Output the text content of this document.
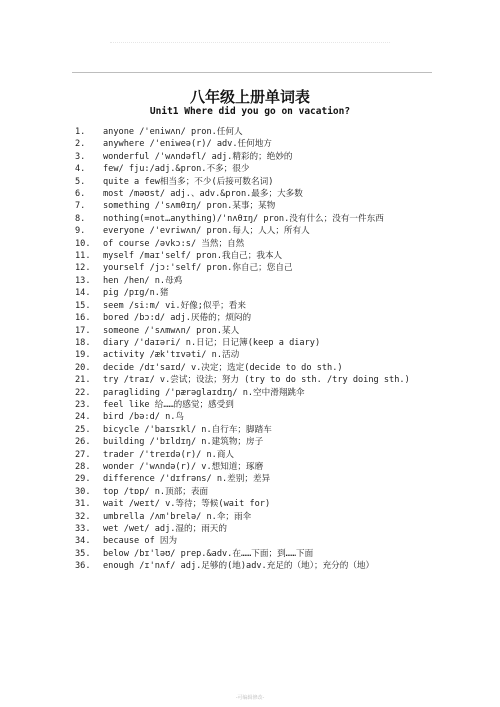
八年级上册单词表
Unit1 Where did you go on vacation?
1.	anyone /'eniwʌn/ pron.任何人
2.	anywhere /'eniweə(r)/ adv.任何地方
3.	wonderful /'wʌndəfl/ adj.精彩的；绝妙的
4.	few/ fju:/adj.&pron.不多；很少
5.	quite a few相当多；不少(后接可数名词)
6.	most /məʊst/ adj.、adv.&pron.最多；大多数
7.	something /'sʌmθɪŋ/ pron.某事；某物
8.	nothing(=not…anything)/'nʌθɪŋ/ pron.没有什么；没有一件东西
9.	everyone /'evriwʌn/ pron.每人；人人；所有人
10.	of course /əvkɔ:s/ 当然；自然
11.	myself /maɪ'self/ pron.我自己；我本人
12.	yourself /jɔ:'self/ pron.你自己；您自己
13.	hen /hen/ n.母鸡
14.	pig /pɪg/n.猪
15.	seem /si:m/ vi.好像;似乎；看来
16.	bored /bɔ:d/ adj.厌倦的；烦闷的
17.	someone /'sʌmwʌn/ pron.某人
18.	diary /'daɪəri/ n.日记；日记簿(keep a diary)
19.	activity /æk'tɪvəti/ n.活动
20.	decide /dɪ'saɪd/ v.决定；选定(decide to do sth.)
21.	try /traɪ/ v.尝试；设法；努力 (try to do sth. /try doing sth.)
22.	paragliding /'pærəglaɪdɪŋ/ n.空中滑翔跳伞
23.	feel like 给……的感觉；感受到
24.	bird /bə:d/ n.鸟
25.	bicycle /'baɪsɪkl/ n.自行车；脚踏车
26.	building /'bɪldɪŋ/ n.建筑物；房子
27.	trader /'treɪdə(r)/ n.商人
28.	wonder /'wʌndə(r)/ v.想知道；琢磨
29.	difference /'dɪfrəns/ n.差别；差异
30.	top /tɒp/ n.顶部；表面
31.	wait /weɪt/ v.等待；等候(wait for)
32.	umbrella /ʌm'brelə/ n.伞；雨伞
33.	wet /wet/ adj.湿的；雨天的
34.	because of 因为
35.	below /bɪ'ləʊ/ prep.&adv.在……下面；到……下面
36.	enough /ɪ'nʌf/ adj.足够的(地)adv.充足的（地）；充分的（地）
-可编辑修改-
